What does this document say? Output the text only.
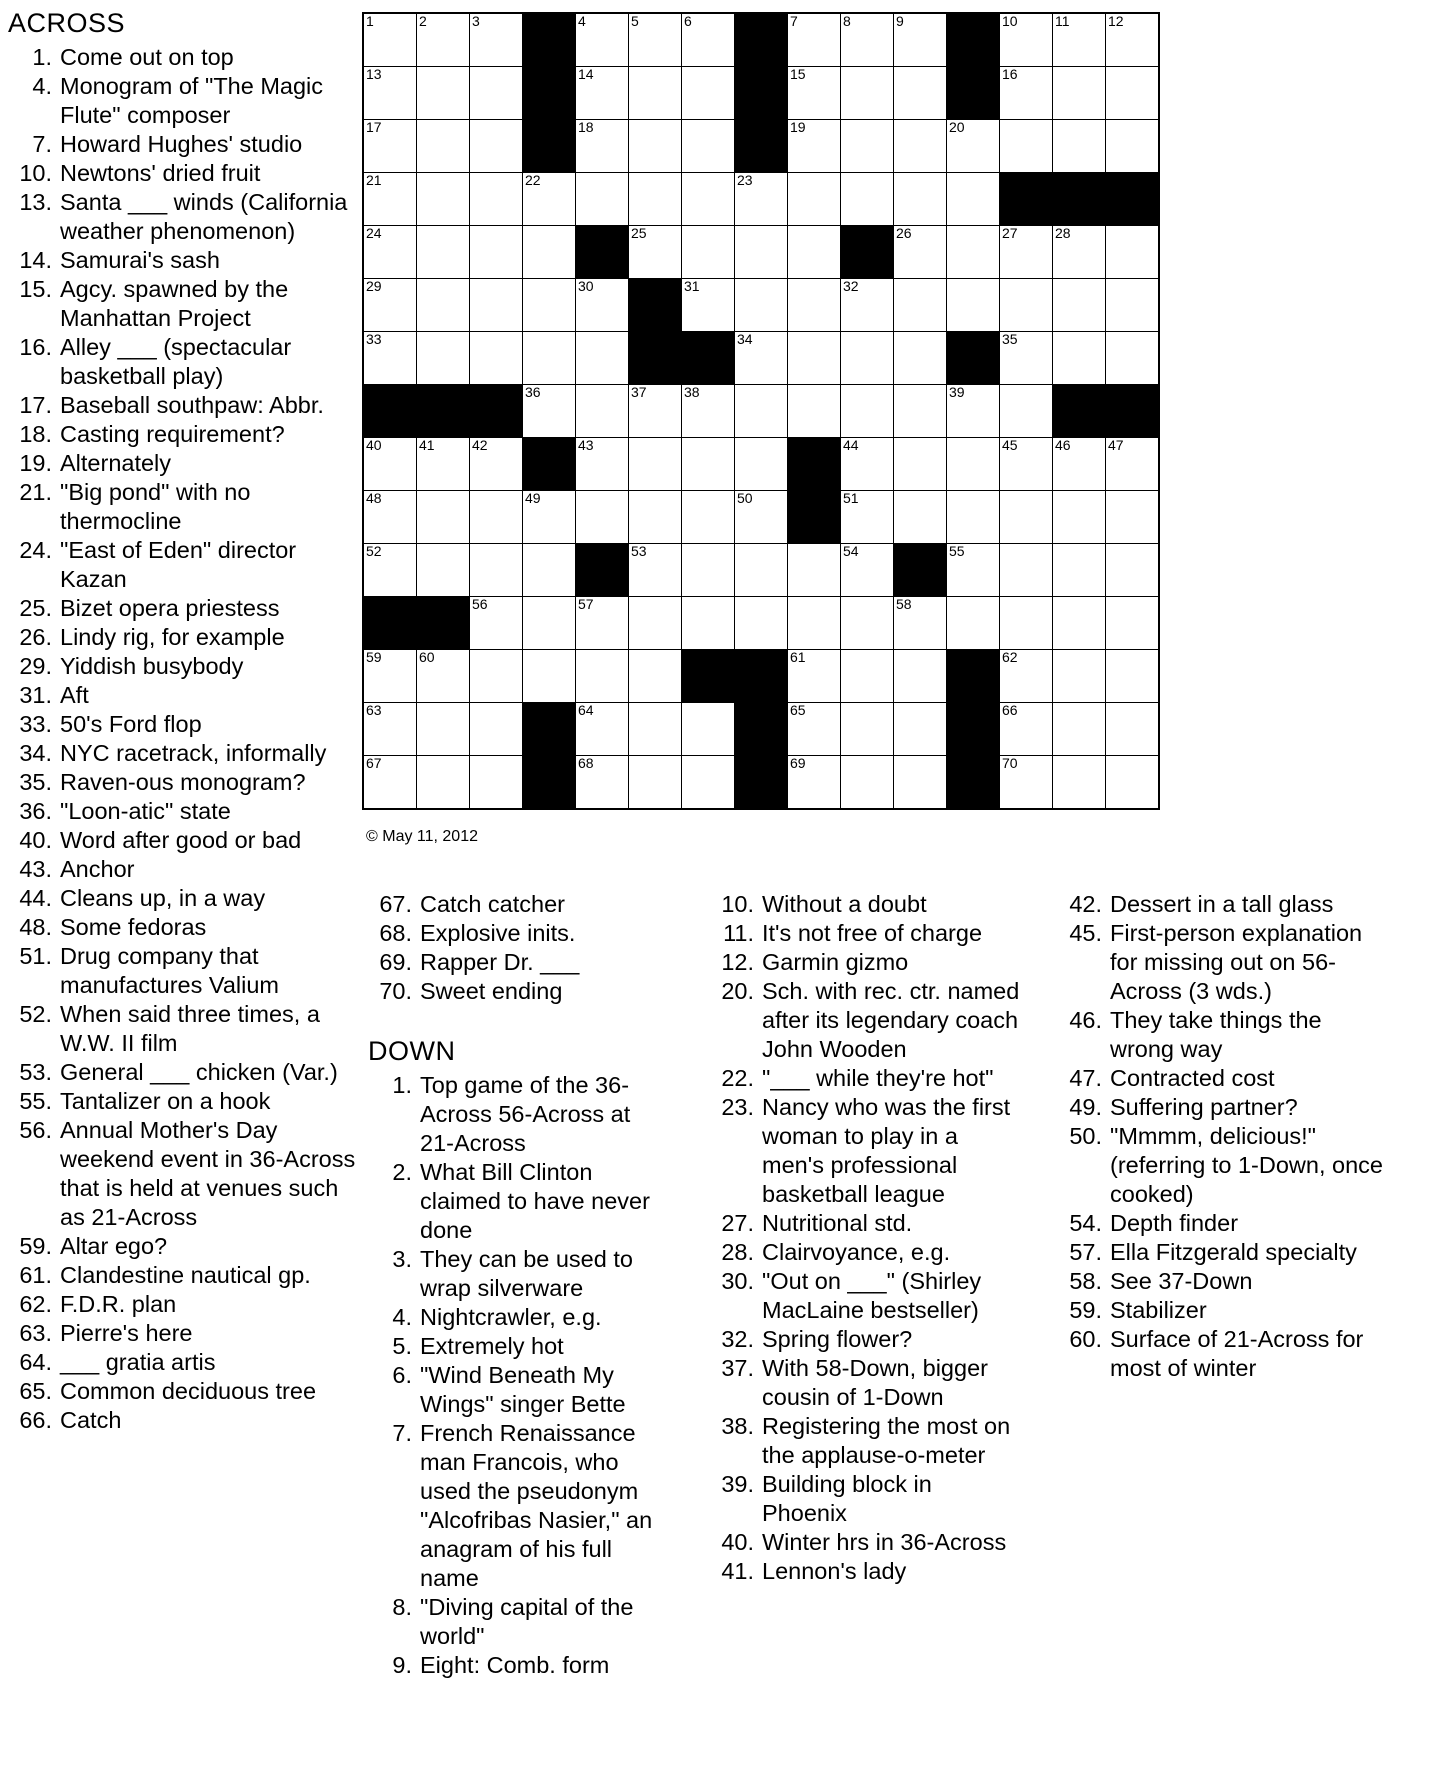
1	2	3		4	5	6		7	8	9		10	11	12

13				14				15				16		

17				18				19			20			

21			22				23							

24					25					26		27	28	

29				30		31			32					

33							34					35		

			36		37	38					39			

40	41	42		43					44			45	46	47

48			49				50		51					

52					53				54		55			

		56		57						58				

59	60							61				62		

63				64				65				66		

67				68				69				70		

© May 11, 2012
ACROSS
1. Come out on top
4. Monogram of "The Magic Flute" composer
7. Howard Hughes' studio
10. Newtons' dried fruit
13. Santa ___ winds (California weather phenomenon)
14. Samurai's sash
15. Agcy. spawned by the Manhattan Project
16. Alley ___ (spectacular basketball play)
17. Baseball southpaw: Abbr.
18. Casting requirement?
19. Alternately
21. "Big pond" with no thermocline
24. "East of Eden" director Kazan
25. Bizet opera priestess
26. Lindy rig, for example
29. Yiddish busybody
31. Aft
33. 50's Ford flop
34. NYC racetrack, informally
35. Raven-ous monogram?
36. "Loon-atic" state
40. Word after good or bad
43. Anchor
44. Cleans up, in a way
48. Some fedoras
51. Drug company that manufactures Valium
52. When said three times, a W.W. II film
53. General ___ chicken (Var.)
55. Tantalizer on a hook
56. Annual Mother's Day weekend event in 36-Across that is held at venues such as 21-Across
59. Altar ego?
61. Clandestine nautical gp.
62. F.D.R. plan
63. Pierre's here
64. ___ gratia artis
65. Common deciduous tree
66. Catch
67. Catch catcher
68. Explosive inits.
69. Rapper Dr. ___
70. Sweet ending
DOWN
1. Top game of the 36-Across 56-Across at 21-Across
2. What Bill Clinton claimed to have never done
3. They can be used to wrap silverware
4. Nightcrawler, e.g.
5. Extremely hot
6. "Wind Beneath My Wings" singer Bette
7. French Renaissance man Francois, who used the pseudonym "Alcofribas Nasier," an anagram of his full name
8. "Diving capital of the world"
9. Eight: Comb. form
10. Without a doubt
11. It's not free of charge
12. Garmin gizmo
20. Sch. with rec. ctr. named after its legendary coach John Wooden
22. "___ while they're hot"
23. Nancy who was the first woman to play in a men's professional basketball league
27. Nutritional std.
28. Clairvoyance, e.g.
30. "Out on ___" (Shirley MacLaine bestseller)
32. Spring flower?
37. With 58-Down, bigger cousin of 1-Down
38. Registering the most on the applause-o-meter
39. Building block in Phoenix
40. Winter hrs in 36-Across
41. Lennon's lady
42. Dessert in a tall glass
45. First-person explanation for missing out on 56-Across (3 wds.)
46. They take things the wrong way
47. Contracted cost
49. Suffering partner?
50. "Mmmm, delicious!" (referring to 1-Down, once cooked)
54. Depth finder
57. Ella Fitzgerald specialty
58. See 37-Down
59. Stabilizer
60. Surface of 21-Across for most of winter
